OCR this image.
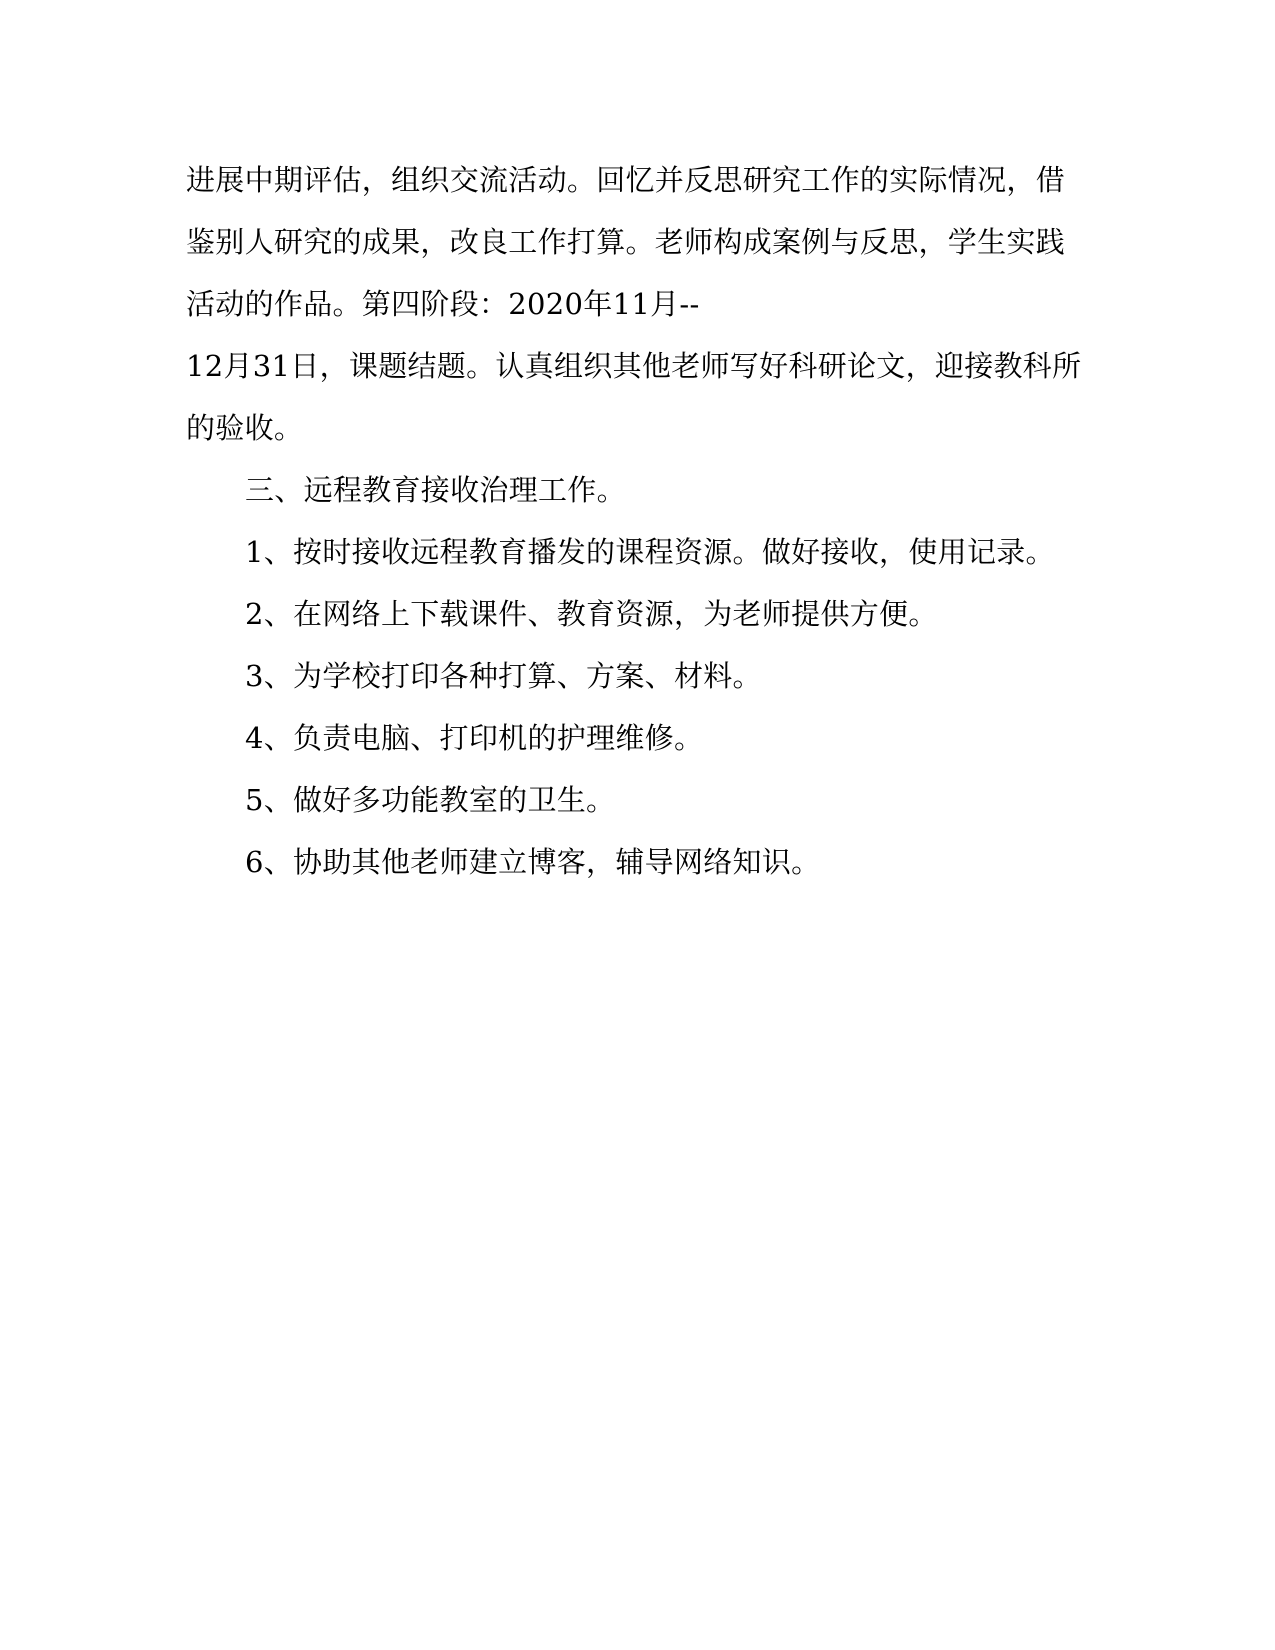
进展中期评估，组织交流活动。回忆并反思研究工作的实际情况，借
鉴别人研究的成果，改良工作打算。老师构成案例与反思，学生实践
活动的作品。第四阶段：2020年11月--
12月31日，课题结题。认真组织其他老师写好科研论文，迎接教科所
的验收。
三、远程教育接收治理工作。
1、按时接收远程教育播发的课程资源。做好接收，使用记录。
2、在网络上下载课件、教育资源，为老师提供方便。
3、为学校打印各种打算、方案、材料。
4、负责电脑、打印机的护理维修。
5、做好多功能教室的卫生。
6、协助其他老师建立博客，辅导网络知识。
